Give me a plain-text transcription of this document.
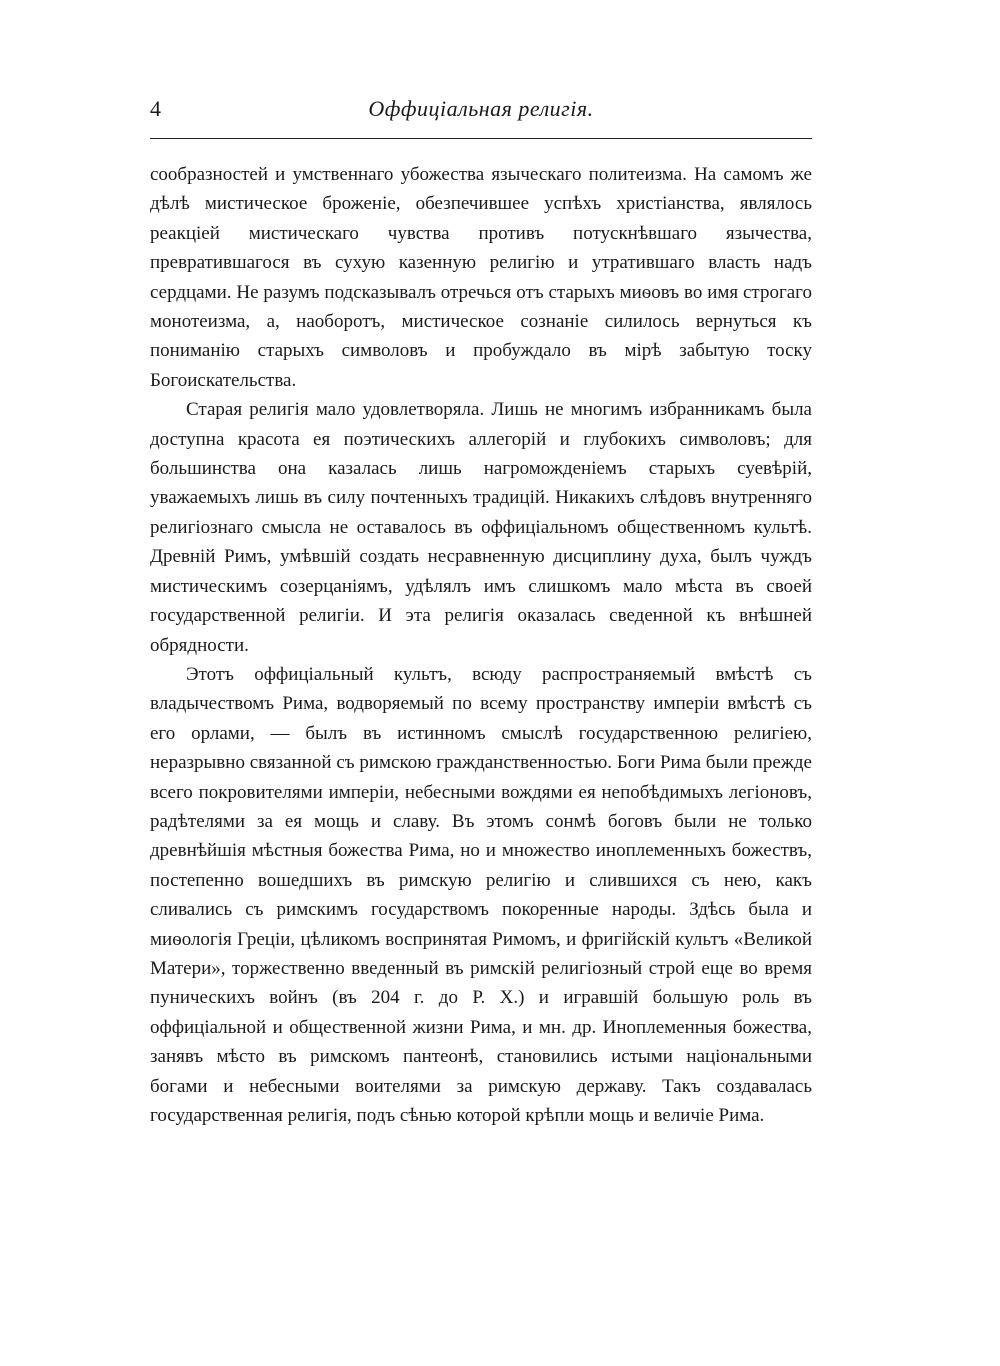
4	Оффиціальная религія.

сообразностей и умственнаго убожества языческаго политеизма. На самомъ же дѣлѣ мистическое броженіе, обезпечившее успѣхъ христіанства, являлось реакціей мистическаго чувства противъ потускнѣвшаго язычества, превратившагося въ сухую казенную религію и утратившаго власть надъ сердцами. Не разумъ подсказывалъ отречься отъ старыхъ миѳовъ во имя строгаго монотеизма, а, наоборотъ, мистическое сознаніе силилось вернуться къ пониманію старыхъ символовъ и пробуждало въ мірѣ забытую тоску Богоискательства.

Старая религія мало удовлетворяла. Лишь не многимъ избранникамъ была доступна красота ея поэтическихъ аллегорій и глубокихъ символовъ; для большинства она казалась лишь нагроможденіемъ старыхъ суевѣрій, уважаемыхъ лишь въ силу почтенныхъ традицій. Никакихъ слѣдовъ внутренняго религіознаго смысла не оставалось въ оффиціальномъ общественномъ культѣ. Древній Римъ, умѣвшій создать несравненную дисциплину духа, былъ чуждъ мистическимъ созерцаніямъ, удѣлялъ имъ слишкомъ мало мѣста въ своей государственной религіи. И эта религія оказалась сведенной къ внѣшней обрядности.

Этотъ оффиціальный культъ, всюду распространяемый вмѣстѣ съ владычествомъ Рима, водворяемый по всему пространству имперіи вмѣстѣ съ его орлами, — былъ въ истинномъ смыслѣ государственною религіею, неразрывно связанной съ римскою гражданственностью. Боги Рима были прежде всего покровителями имперіи, небесными вождями ея непобѣдимыхъ легіоновъ, радѣтелями за ея мощь и славу. Въ этомъ сонмѣ боговъ были не только древнѣйшія мѣстныя божества Рима, но и множество иноплеменныхъ божествъ, постепенно вошедшихъ въ римскую религію и слившихся съ нею, какъ сливались съ римскимъ государствомъ покоренные народы. Здѣсь была и миѳологія Греціи, цѣликомъ воспринятая Римомъ, и фригійскій культъ «Великой Матери», торжественно введенный въ римскій религіозный строй еще во время пуническихъ войнъ (въ 204 г. до Р. X.) и игравшій большую роль въ оффиціальной и общественной жизни Рима, и мн. др. Иноплеменныя божества, занявъ мѣсто въ римскомъ пантеонѣ, становились истыми національными богами и небесными воителями за римскую державу. Такъ создавалась государственная религія, подъ сѣнью которой крѣпли мощь и величіе Рима.
